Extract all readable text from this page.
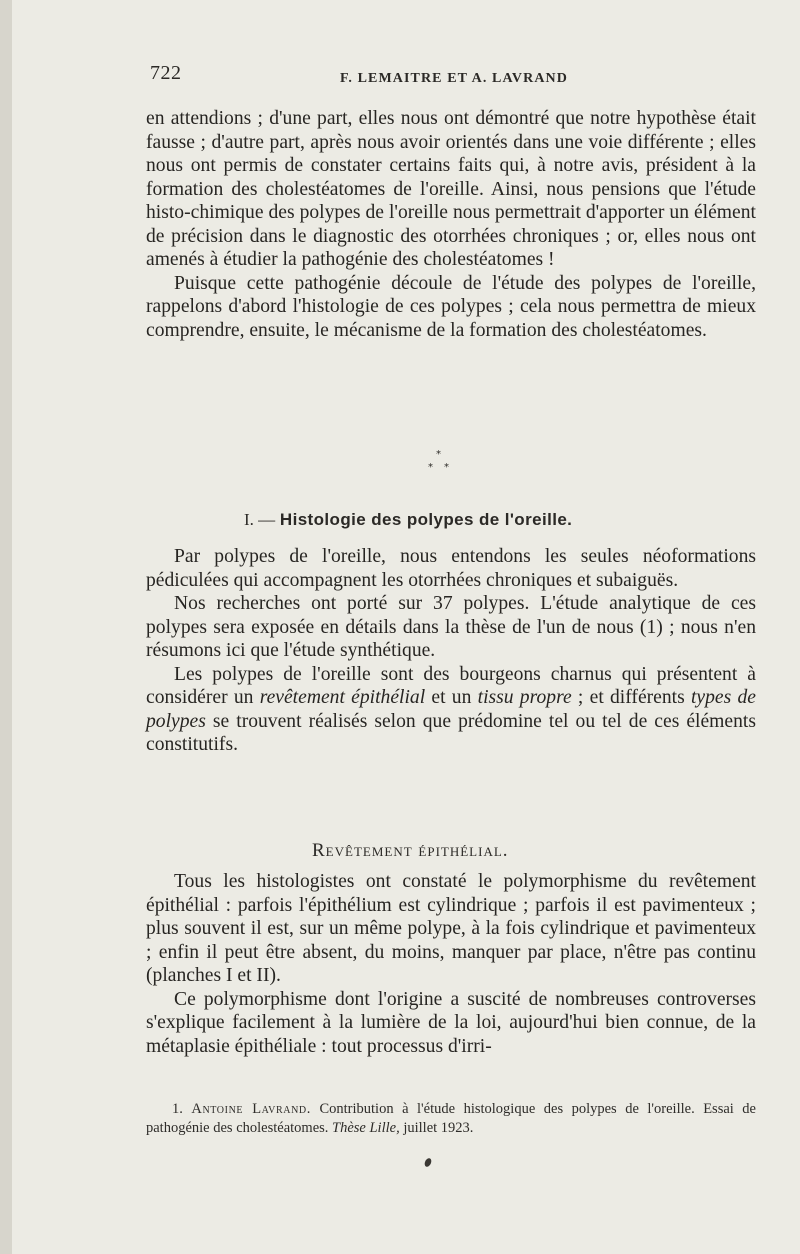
722	F. LEMAITRE ET A. LAVRAND

en attendions ; d'une part, elles nous ont démontré que notre hypothèse était fausse ; d'autre part, après nous avoir orientés dans une voie différente ; elles nous ont permis de constater certains faits qui, à notre avis, président à la formation des cholestéatomes de l'oreille. Ainsi, nous pensions que l'étude histo-chimique des polypes de l'oreille nous permettrait d'apporter un élément de précision dans le diagnostic des otorrhées chroniques ; or, elles nous ont amenés à étudier la pathogénie des cholestéatomes !

Puisque cette pathogénie découle de l'étude des polypes de l'oreille, rappelons d'abord l'histologie de ces polypes ; cela nous permettra de mieux comprendre, ensuite, le mécanisme de la formation des cholestéatomes.

*
* *
I. — Histologie des polypes de l'oreille.

Par polypes de l'oreille, nous entendons les seules néoformations pédiculées qui accompagnent les otorrhées chroniques et subaiguës.

Nos recherches ont porté sur 37 polypes. L'étude analytique de ces polypes sera exposée en détails dans la thèse de l'un de nous (1) ; nous n'en résumons ici que l'étude synthétique.

Les polypes de l'oreille sont des bourgeons charnus qui présentent à considérer un revêtement épithélial et un tissu propre ; et différents types de polypes se trouvent réalisés selon que prédomine tel ou tel de ces éléments constitutifs.

Revêtement épithélial.

Tous les histologistes ont constaté le polymorphisme du revêtement épithélial : parfois l'épithélium est cylindrique ; parfois il est pavimenteux ; plus souvent il est, sur un même polype, à la fois cylindrique et pavimenteux ; enfin il peut être absent, du moins, manquer par place, n'être pas continu (planches I et II).

Ce polymorphisme dont l'origine a suscité de nombreuses controverses s'explique facilement à la lumière de la loi, aujourd'hui bien connue, de la métaplasie épithéliale : tout processus d'irri-

1. Antoine Lavrand. Contribution à l'étude histologique des polypes de l'oreille. Essai de pathogénie des cholestéatomes. Thèse Lille, juillet 1923.
